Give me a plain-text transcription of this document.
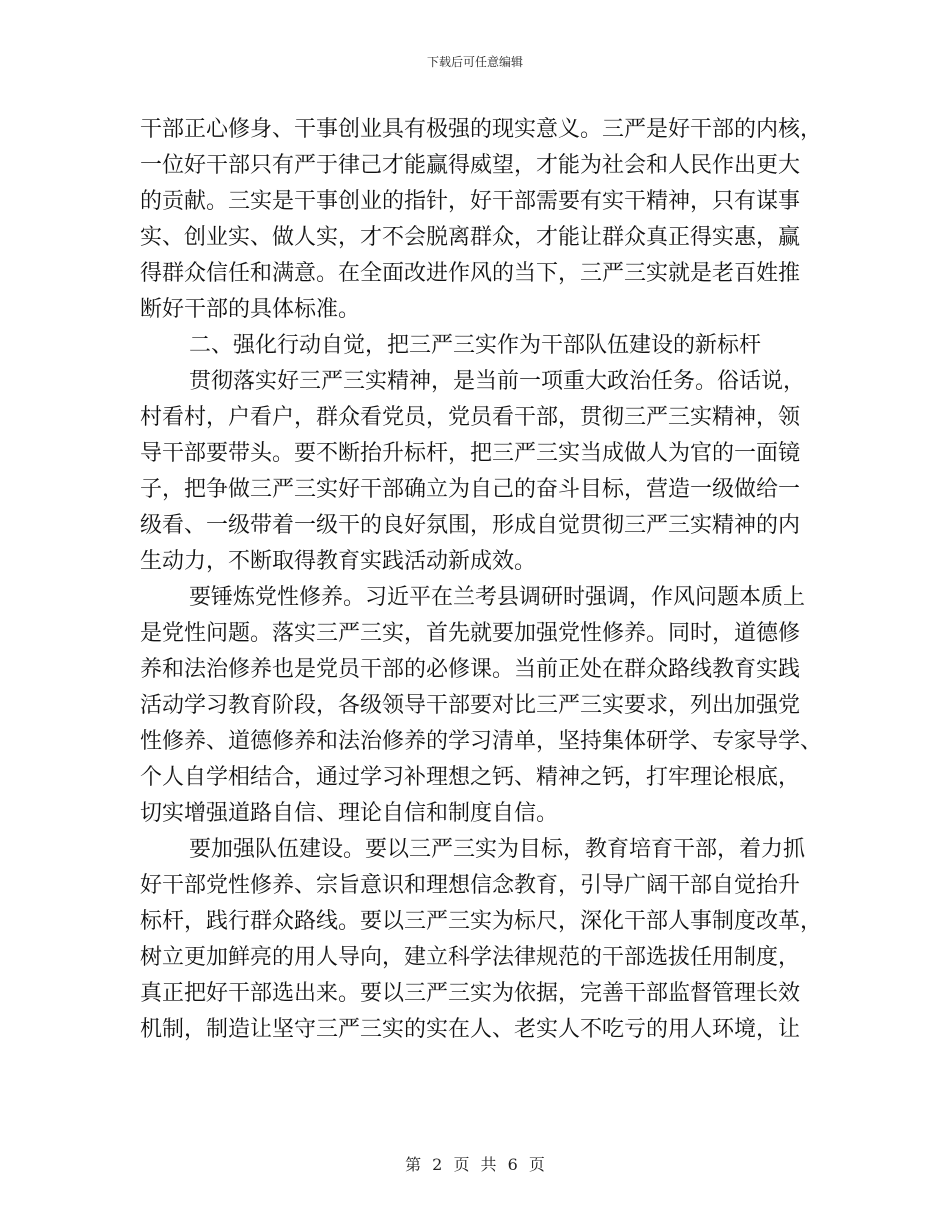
下载后可任意编辑
干部正心修身、干事创业具有极强的现实意义。三严是好干部的内核，
一位好干部只有严于律己才能赢得威望，才能为社会和人民作出更大
的贡献。三实是干事创业的指针，好干部需要有实干精神，只有谋事
实、创业实、做人实，才不会脱离群众，才能让群众真正得实惠，赢
得群众信任和满意。在全面改进作风的当下，三严三实就是老百姓推
断好干部的具体标准。
二、强化行动自觉，把三严三实作为干部队伍建设的新标杆
贯彻落实好三严三实精神，是当前一项重大政治任务。俗话说，
村看村，户看户，群众看党员，党员看干部，贯彻三严三实精神，领
导干部要带头。要不断抬升标杆，把三严三实当成做人为官的一面镜
子，把争做三严三实好干部确立为自己的奋斗目标，营造一级做给一
级看、一级带着一级干的良好氛围，形成自觉贯彻三严三实精神的内
生动力，不断取得教育实践活动新成效。
要锤炼党性修养。习近平在兰考县调研时强调，作风问题本质上
是党性问题。落实三严三实，首先就要加强党性修养。同时，道德修
养和法治修养也是党员干部的必修课。当前正处在群众路线教育实践
活动学习教育阶段，各级领导干部要对比三严三实要求，列出加强党
性修养、道德修养和法治修养的学习清单，坚持集体研学、专家导学、
个人自学相结合，通过学习补理想之钙、精神之钙，打牢理论根底，
切实增强道路自信、理论自信和制度自信。
要加强队伍建设。要以三严三实为目标，教育培育干部，着力抓
好干部党性修养、宗旨意识和理想信念教育，引导广阔干部自觉抬升
标杆，践行群众路线。要以三严三实为标尺，深化干部人事制度改革，
树立更加鲜亮的用人导向，建立科学法律规范的干部选拔任用制度，
真正把好干部选出来。要以三严三实为依据，完善干部监督管理长效
机制，制造让坚守三严三实的实在人、老实人不吃亏的用人环境，让
第 2 页 共 6 页
